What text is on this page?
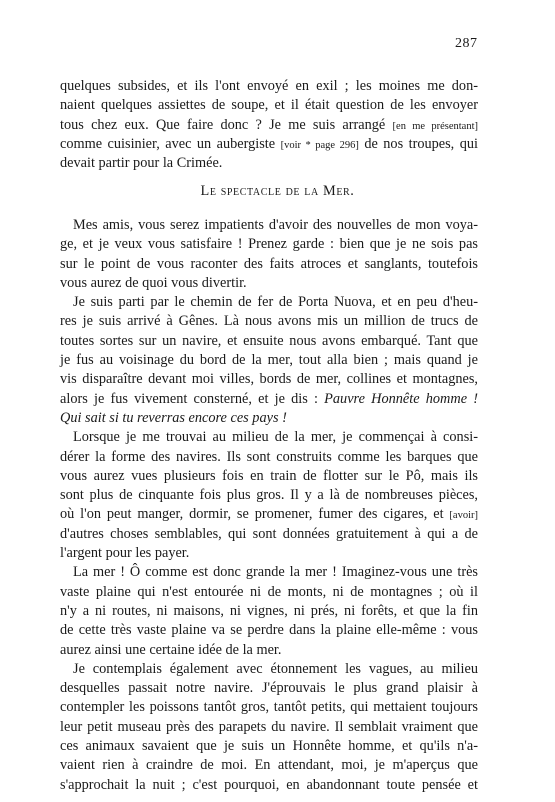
287
quelques subsides, et ils l'ont envoyé en exil ; les moines me don-
naient quelques assiettes de soupe, et il était question de les envoyer
tous chez eux. Que faire donc ? Je me suis arrangé [en me présentant]
comme cuisinier, avec un aubergiste [voir * page 296] de nos troupes, qui
devait partir pour la Crimée.
Le spectacle de la Mer.
Mes amis, vous serez impatients d'avoir des nouvelles de mon voya-
ge, et je veux vous satisfaire ! Prenez garde : bien que je ne sois pas
sur le point de vous raconter des faits atroces et sanglants, toutefois
vous aurez de quoi vous divertir.
Je suis parti par le chemin de fer de Porta Nuova, et en peu d'heu-
res je suis arrivé à Gênes. Là nous avons mis un million de trucs de
toutes sortes sur un navire, et ensuite nous avons embarqué. Tant que
je fus au voisinage du bord de la mer, tout alla bien ; mais quand je
vis disparaître devant moi villes, bords de mer, collines et montagnes,
alors je fus vivement consterné, et je dis : Pauvre Honnête homme !
Qui sait si tu reverras encore ces pays !
Lorsque je me trouvai au milieu de la mer, je commençai à consi-
dérer la forme des navires. Ils sont construits comme les barques que
vous aurez vues plusieurs fois en train de flotter sur le Pô, mais ils
sont plus de cinquante fois plus gros. Il y a là de nombreuses pièces,
où l'on peut manger, dormir, se promener, fumer des cigares, et [avoir]
d'autres choses semblables, qui sont données gratuitement à qui a de
l'argent pour les payer.
La mer ! Ô comme est donc grande la mer ! Imaginez-vous une très
vaste plaine qui n'est entourée ni de monts, ni de montagnes ; où il
n'y a ni routes, ni maisons, ni vignes, ni prés, ni forêts, et que la fin
de cette très vaste plaine va se perdre dans la plaine elle-même : vous
aurez ainsi une certaine idée de la mer.
Je contemplais également avec étonnement les vagues, au milieu
desquelles passait notre navire. J'éprouvais le plus grand plaisir à
contempler les poissons tantôt gros, tantôt petits, qui mettaient toujours
leur petit museau près des parapets du navire. Il semblait vraiment que
ces animaux savaient que je suis un Honnête homme, et qu'ils n'a-
vaient rien à craindre de moi. En attendant, moi, je m'aperçus que
s'approchait la nuit ; c'est pourquoi, en abandonnant toute pensée et
